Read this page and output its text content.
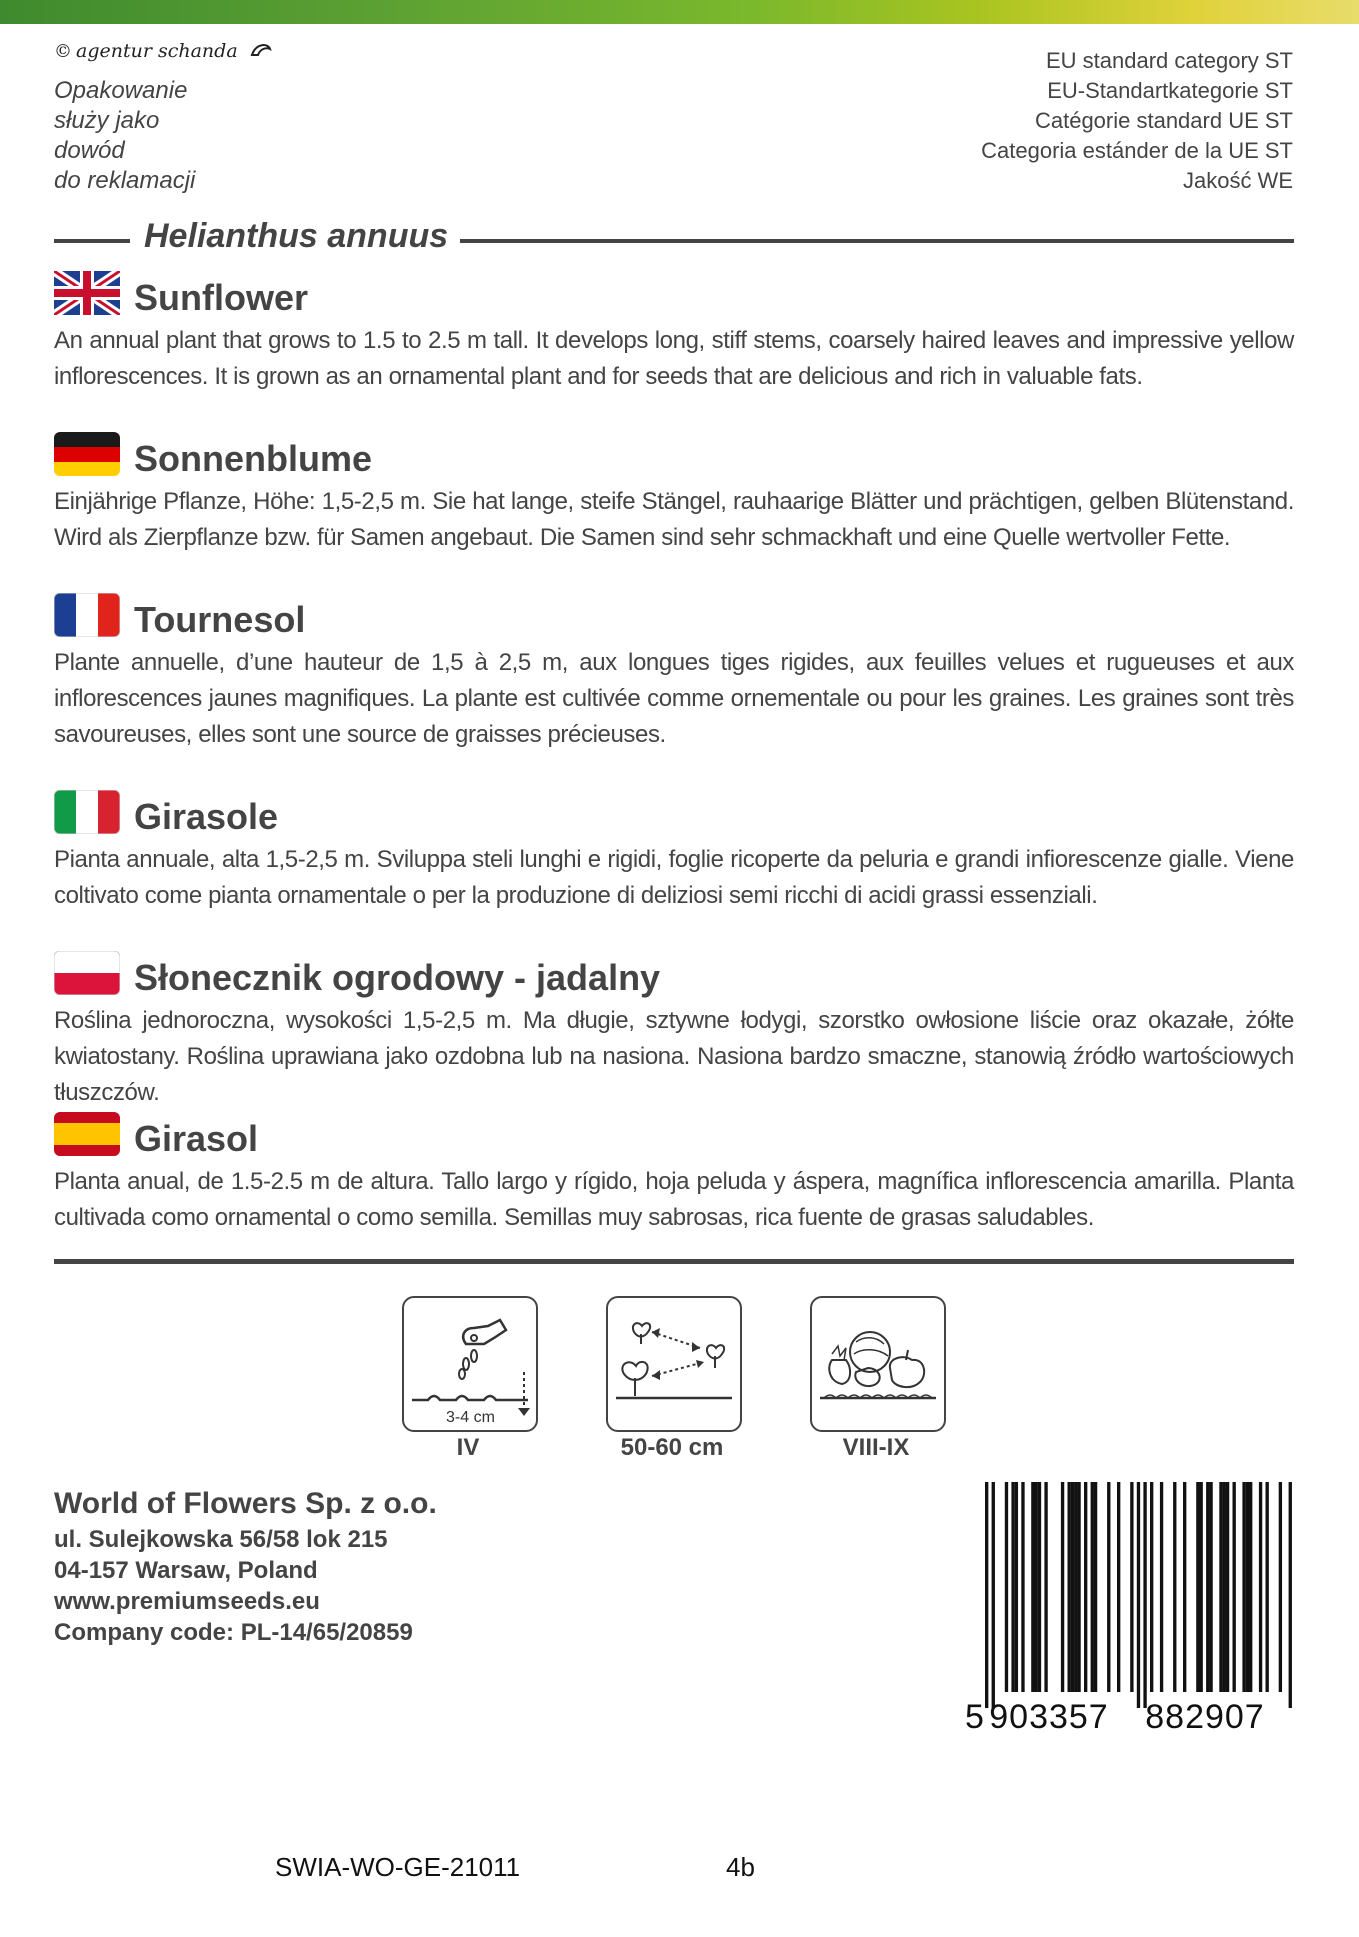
© agentur schanda
Opakowanie
służy jako
dowód
do reklamacji
EU standard category ST
EU-Standartkategorie ST
Catégorie standard UE ST
Categoria estánder de la UE ST
Jakość WE
Helianthus annuus
Sunflower
An annual plant that grows to 1.5 to 2.5 m tall. It develops long, stiff stems, coarsely haired leaves and impressive yellow inflorescences. It is grown as an ornamental plant and for seeds that are delicious and rich in valuable fats.
Sonnenblume
Einjährige Pflanze, Höhe: 1,5-2,5 m. Sie hat lange, steife Stängel, rauhaarige Blätter und prächtigen, gelben Blütenstand. Wird als Zierpflanze bzw. für Samen angebaut. Die Samen sind sehr schmackhaft und eine Quelle wertvoller Fette.
Tournesol
Plante annuelle, d’une hauteur de 1,5 à 2,5 m, aux longues tiges rigides, aux feuilles velues et rugueuses et aux inflorescences jaunes magnifiques. La plante est cultivée comme ornementale ou pour les graines. Les graines sont très savoureuses, elles sont une source de graisses précieuses.
Girasole
Pianta annuale, alta 1,5-2,5 m. Sviluppa steli lunghi e rigidi, foglie ricoperte da peluria e grandi infiorescenze gialle. Viene coltivato come pianta ornamentale o per la produzione di deliziosi semi ricchi di acidi grassi essenziali.
Słonecznik ogrodowy - jadalny
Roślina jednoroczna, wysokości 1,5-2,5 m. Ma długie, sztywne łodygi, szorstko owłosione liście oraz okazałe, żółte kwiatostany. Roślina uprawiana jako ozdobna lub na nasiona. Nasiona bardzo smaczne, stanowią źródło wartościowych tłuszczów.
Girasol
Planta anual, de 1.5-2.5 m de altura. Tallo largo y rígido, hoja peluda y áspera, magnífica inflorescencia amarilla. Planta cultivada como ornamental o como semilla. Semillas muy sabrosas, rica fuente de grasas saludables.
3-4 cm
IV	50-60 cm	VIII-IX
World of Flowers Sp. z o.o.
ul. Sulejkowska 56/58 lok 215
04-157 Warsaw, Poland
www.premiumseeds.eu
Company code: PL-14/65/20859
5 903357 882907
SWIA-WO-GE-21011	4b
